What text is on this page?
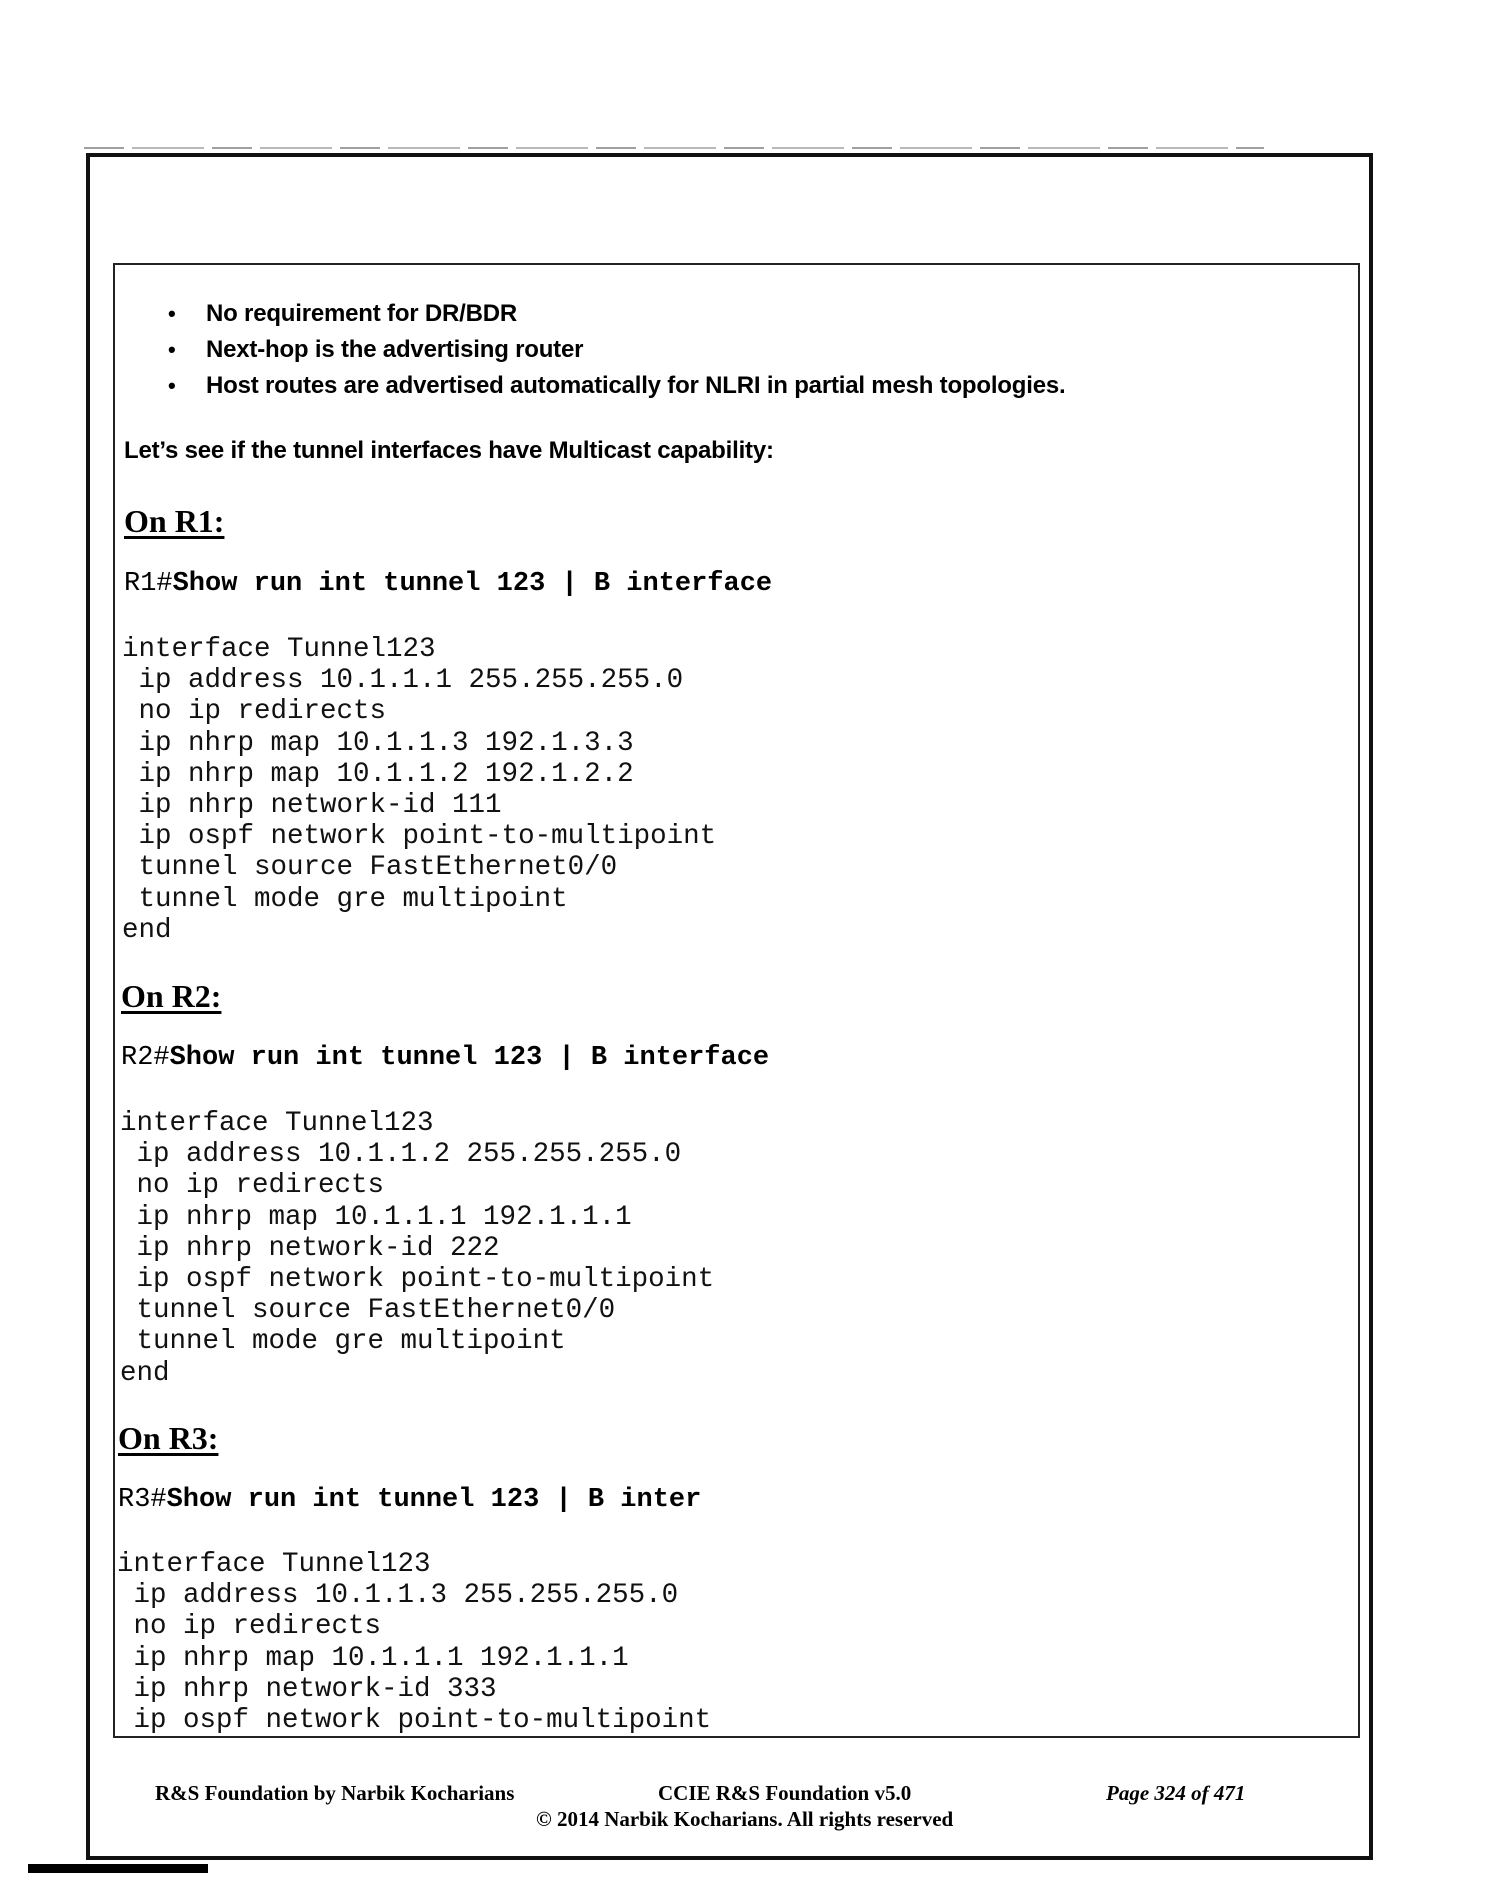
• No requirement for DR/BDR
• Next-hop is the advertising router
• Host routes are advertised automatically for NLRI in partial mesh topologies.
Let’s see if the tunnel interfaces have Multicast capability:
On R1:
R1#Show run int tunnel 123 | B interface
interface Tunnel123
ip address 10.1.1.1 255.255.255.0
no ip redirects
ip nhrp map 10.1.1.3 192.1.3.3
ip nhrp map 10.1.1.2 192.1.2.2
ip nhrp network-id 111
ip ospf network point-to-multipoint
tunnel source FastEthernet0/0
tunnel mode gre multipoint
end
On R2:
R2#Show run int tunnel 123 | B interface
interface Tunnel123
ip address 10.1.1.2 255.255.255.0
no ip redirects
ip nhrp map 10.1.1.1 192.1.1.1
ip nhrp network-id 222
ip ospf network point-to-multipoint
tunnel source FastEthernet0/0
tunnel mode gre multipoint
end
On R3:
R3#Show run int tunnel 123 | B inter
interface Tunnel123
ip address 10.1.1.3 255.255.255.0
no ip redirects
ip nhrp map 10.1.1.1 192.1.1.1
ip nhrp network-id 333
ip ospf network point-to-multipoint
R&S Foundation by Narbik Kocharians	CCIE R&S Foundation v5.0
© 2014 Narbik Kocharians. All rights reserved
Page 324 of 471
